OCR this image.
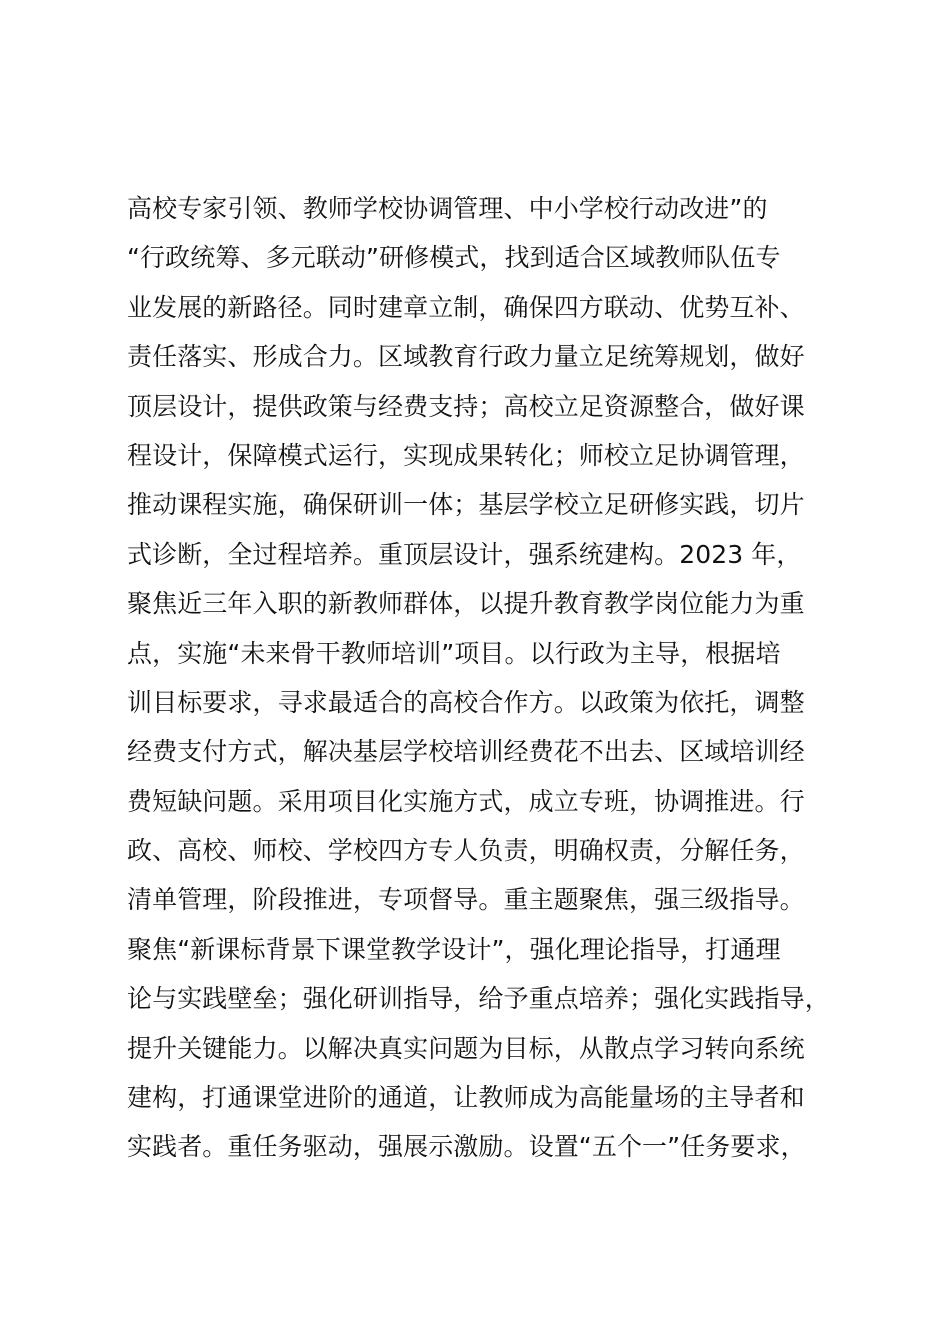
高校专家引领、教师学校协调管理、中小学校行动改进”的
“行政统筹、多元联动”研修模式，找到适合区域教师队伍专
业发展的新路径。同时建章立制，确保四方联动、优势互补、
责任落实、形成合力。区域教育行政力量立足统筹规划，做好
顶层设计，提供政策与经费支持；高校立足资源整合，做好课
程设计，保障模式运行，实现成果转化；师校立足协调管理，
推动课程实施，确保研训一体；基层学校立足研修实践，切片
式诊断，全过程培养。重顶层设计，强系统建构。2023 年，
聚焦近三年入职的新教师群体，以提升教育教学岗位能力为重
点，实施“未来骨干教师培训”项目。以行政为主导，根据培
训目标要求，寻求最适合的高校合作方。以政策为依托，调整
经费支付方式，解决基层学校培训经费花不出去、区域培训经
费短缺问题。采用项目化实施方式，成立专班，协调推进。行
政、高校、师校、学校四方专人负责，明确权责，分解任务，
清单管理，阶段推进，专项督导。重主题聚焦，强三级指导。
聚焦“新课标背景下课堂教学设计”，强化理论指导，打通理
论与实践壁垒；强化研训指导，给予重点培养；强化实践指导，
提升关键能力。以解决真实问题为目标，从散点学习转向系统
建构，打通课堂进阶的通道，让教师成为高能量场的主导者和
实践者。重任务驱动，强展示激励。设置“五个一”任务要求，
